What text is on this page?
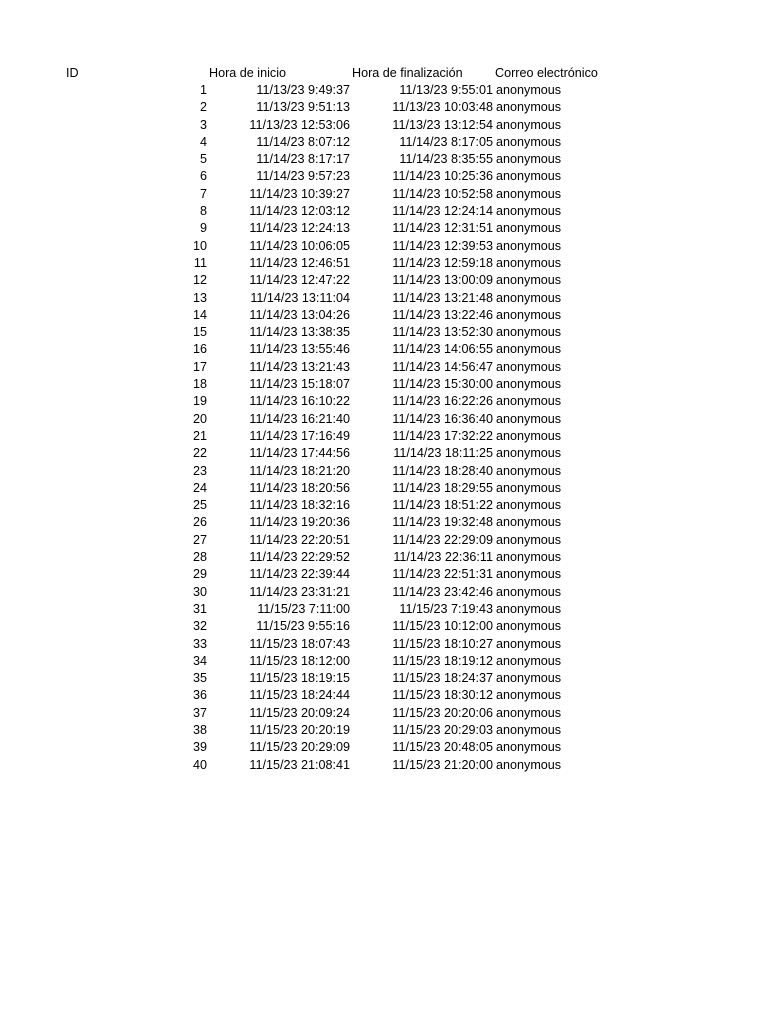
ID	Hora de inicio	Hora de finalización	Correo electrónico
1	11/13/23 9:49:37	11/13/23 9:55:01 anonymous
2	11/13/23 9:51:13	11/13/23 10:03:48 anonymous
3	11/13/23 12:53:06	11/13/23 13:12:54 anonymous
4	11/14/23 8:07:12	11/14/23 8:17:05 anonymous
5	11/14/23 8:17:17	11/14/23 8:35:55 anonymous
6	11/14/23 9:57:23	11/14/23 10:25:36 anonymous
7	11/14/23 10:39:27	11/14/23 10:52:58 anonymous
8	11/14/23 12:03:12	11/14/23 12:24:14 anonymous
9	11/14/23 12:24:13	11/14/23 12:31:51 anonymous
10	11/14/23 10:06:05	11/14/23 12:39:53 anonymous
11	11/14/23 12:46:51	11/14/23 12:59:18 anonymous
12	11/14/23 12:47:22	11/14/23 13:00:09 anonymous
13	11/14/23 13:11:04	11/14/23 13:21:48 anonymous
14	11/14/23 13:04:26	11/14/23 13:22:46 anonymous
15	11/14/23 13:38:35	11/14/23 13:52:30 anonymous
16	11/14/23 13:55:46	11/14/23 14:06:55 anonymous
17	11/14/23 13:21:43	11/14/23 14:56:47 anonymous
18	11/14/23 15:18:07	11/14/23 15:30:00 anonymous
19	11/14/23 16:10:22	11/14/23 16:22:26 anonymous
20	11/14/23 16:21:40	11/14/23 16:36:40 anonymous
21	11/14/23 17:16:49	11/14/23 17:32:22 anonymous
22	11/14/23 17:44:56	11/14/23 18:11:25 anonymous
23	11/14/23 18:21:20	11/14/23 18:28:40 anonymous
24	11/14/23 18:20:56	11/14/23 18:29:55 anonymous
25	11/14/23 18:32:16	11/14/23 18:51:22 anonymous
26	11/14/23 19:20:36	11/14/23 19:32:48 anonymous
27	11/14/23 22:20:51	11/14/23 22:29:09 anonymous
28	11/14/23 22:29:52	11/14/23 22:36:11 anonymous
29	11/14/23 22:39:44	11/14/23 22:51:31 anonymous
30	11/14/23 23:31:21	11/14/23 23:42:46 anonymous
31	11/15/23 7:11:00	11/15/23 7:19:43 anonymous
32	11/15/23 9:55:16	11/15/23 10:12:00 anonymous
33	11/15/23 18:07:43	11/15/23 18:10:27 anonymous
34	11/15/23 18:12:00	11/15/23 18:19:12 anonymous
35	11/15/23 18:19:15	11/15/23 18:24:37 anonymous
36	11/15/23 18:24:44	11/15/23 18:30:12 anonymous
37	11/15/23 20:09:24	11/15/23 20:20:06 anonymous
38	11/15/23 20:20:19	11/15/23 20:29:03 anonymous
39	11/15/23 20:29:09	11/15/23 20:48:05 anonymous
40	11/15/23 21:08:41	11/15/23 21:20:00 anonymous
